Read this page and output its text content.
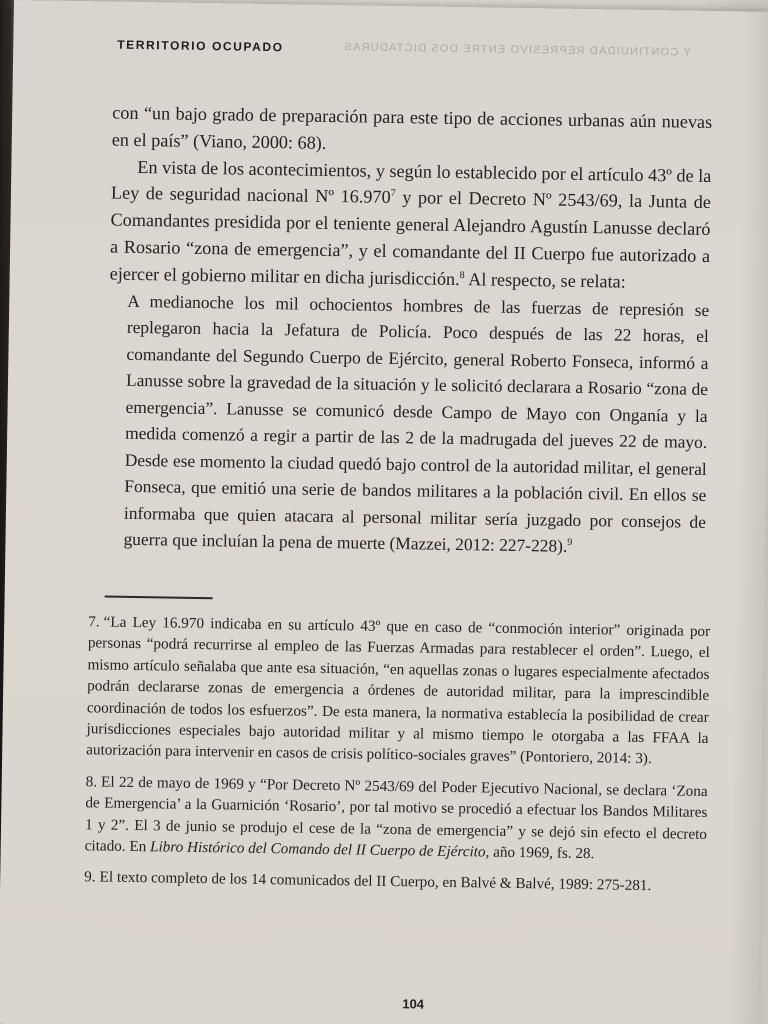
TERRITORIO OCUPADO	Y CONTINUIDAD REPRESIVO ENTRE DOS DICTADURAS

con “un bajo grado de preparación para este tipo de acciones urbanas aún nuevas en el país” (Viano, 2000: 68).

En vista de los acontecimientos, y según lo establecido por el artículo 43º de la Ley de seguridad nacional Nº 16.970$^7$ y por el Decreto Nº 2543/69, la Junta de Comandantes presidida por el teniente general Alejandro Agustín Lanusse declaró a Rosario “zona de emergencia”, y el comandante del II Cuerpo fue autorizado a ejercer el gobierno militar en dicha jurisdicción.$^8$ Al respecto, se relata:

A medianoche los mil ochocientos hombres de las fuerzas de represión se replegaron hacia la Jefatura de Policía. Poco después de las 22 horas, el comandante del Segundo Cuerpo de Ejército, general Roberto Fonseca, informó a Lanusse sobre la gravedad de la situación y le solicitó declarara a Rosario “zona de emergencia”. Lanusse se comunicó desde Campo de Mayo con Onganía y la medida comenzó a regir a partir de las 2 de la madrugada del jueves 22 de mayo. Desde ese momento la ciudad quedó bajo control de la autoridad militar, el general Fonseca, que emitió una serie de bandos militares a la población civil. En ellos se informaba que quien atacara al personal militar sería juzgado por consejos de guerra que incluían la pena de muerte (Mazzei, 2012: 227-228).$^9$

7. “La Ley 16.970 indicaba en su artículo 43º que en caso de “conmoción interior” originada por personas “podrá recurrirse al empleo de las Fuerzas Armadas para restablecer el orden”. Luego, el mismo artículo señalaba que ante esa situación, “en aquellas zonas o lugares especialmente afectados podrán declararse zonas de emergencia a órdenes de autoridad militar, para la imprescindible coordinación de todos los esfuerzos”. De esta manera, la normativa establecía la posibilidad de crear jurisdicciones especiales bajo autoridad militar y al mismo tiempo le otorgaba a las FFAA la autorización para intervenir en casos de crisis político-sociales graves” (Pontoriero, 2014: 3).

8. El 22 de mayo de 1969 y “Por Decreto Nº 2543/69 del Poder Ejecutivo Nacional, se declara ‘Zona de Emergencia’ a la Guarnición ‘Rosario’, por tal motivo se procedió a efectuar los Bandos Militares 1 y 2”. El 3 de junio se produjo el cese de la “zona de emergencia” y se dejó sin efecto el decreto citado. En Libro Histórico del Comando del II Cuerpo de Ejército, año 1969, fs. 28.

9. El texto completo de los 14 comunicados del II Cuerpo, en Balvé & Balvé, 1989: 275-281.

104
